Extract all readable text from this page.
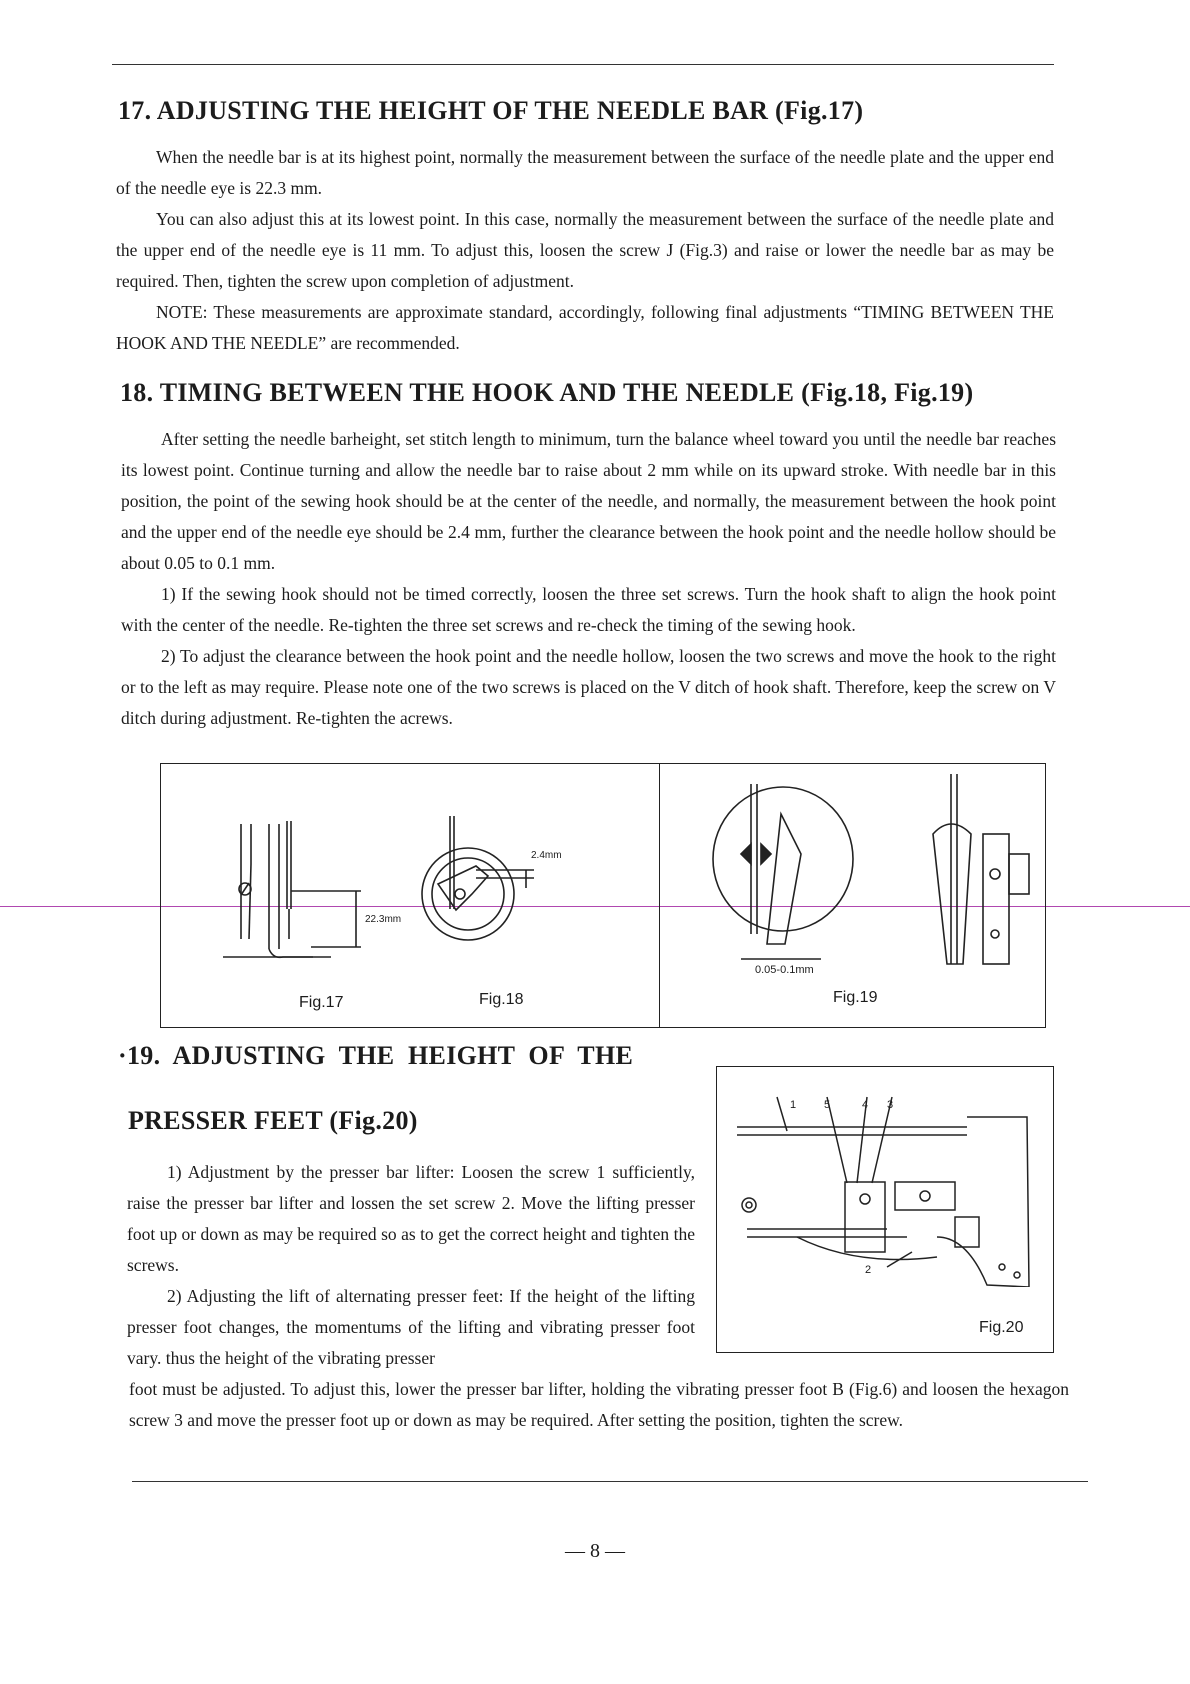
17. ADJUSTING THE HEIGHT OF THE NEEDLE BAR (Fig.17)

When the needle bar is at its highest point, normally the measurement between the surface of the needle plate and the upper end of the needle eye is 22.3 mm.

You can also adjust this at its lowest point. In this case, normally the measurement between the surface of the needle plate and the upper end of the needle eye is 11 mm. To adjust this, loosen the screw J (Fig.3) and raise or lower the needle bar as may be required. Then, tighten the screw upon completion of adjustment.

NOTE: These measurements are approximate standard, accordingly, following final adjustments “TIMING BETWEEN THE HOOK AND THE NEEDLE” are recommended.

18. TIMING BETWEEN THE HOOK AND THE NEEDLE (Fig.18, Fig.19)

After setting the needle barheight, set stitch length to minimum, turn the balance wheel toward you until the needle bar reaches its lowest point. Continue turning and allow the needle bar to raise about 2 mm while on its upward stroke. With needle bar in this position, the point of the sewing hook should be at the center of the needle, and normally, the measurement between the hook point and the upper end of the needle eye should be 2.4 mm, further the clearance between the hook point and the needle hollow should be about 0.05 to 0.1 mm.

1) If the sewing hook should not be timed correctly, loosen the three set screws. Turn the hook shaft to align the hook point with the center of the needle. Re-tighten the three set screws and re-check the timing of the sewing hook.

2) To adjust the clearance between the hook point and the needle hollow, loosen the two screws and move the hook to the right or to the left as may require. Please note one of the two screws is placed on the V ditch of hook shaft. Therefore, keep the screw on V ditch during adjustment. Re-tighten the acrews.

22.3mm
2.4mm
0.05-0.1mm
Fig.17	Fig.18	Fig.19
·19.  ADJUSTING  THE  HEIGHT  OF  THE
PRESSER FEET (Fig.20)

1) Adjustment by the presser bar lifter: Loosen the screw 1 sufficiently, raise the presser bar lifter and lossen the set screw 2. Move the lifting presser foot up or down as may be required so as to get the correct height and tighten the screws.

2) Adjusting the lift of alternating presser feet: If the height of the lifting presser foot changes, the momentums of the lifting and vibrating presser foot vary. thus the height of the vibrating presser

foot must be adjusted. To adjust this, lower the presser bar lifter, holding the vibrating presser foot B (Fig.6) and loosen the hexagon screw 3 and move the presser foot up or down as may be required. After setting the position, tighten the screw.

1	5	4 3
2
Fig.20
— 8 —
